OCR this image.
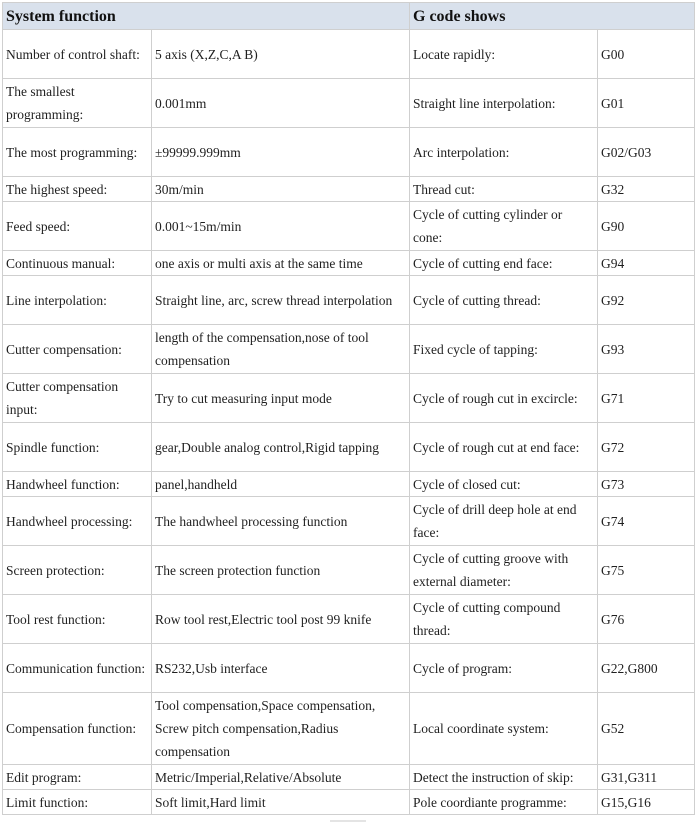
System function		G code shows	
Number of control shaft:	5 axis (X,Z,C,A B)	Locate rapidly:	G00
The smallest programming:	0.001mm	Straight line interpolation:	G01
The most programming:	±99999.999mm	Arc interpolation:	G02/G03
The highest speed:	30m/min	Thread cut:	G32
Feed speed:	0.001~15m/min	Cycle of cutting cylinder or cone:	G90
Continuous manual:	one axis or multi axis at the same time	Cycle of cutting end face:	G94
Line interpolation:	Straight line, arc, screw thread interpolation	Cycle of cutting thread:	G92
Cutter compensation:	length of the compensation,nose of tool compensation	Fixed cycle of tapping:	G93
Cutter compensation input:	Try to cut measuring input mode	Cycle of rough cut in excircle:	G71
Spindle function:	gear,Double analog control,Rigid tapping	Cycle of rough cut at end face:	G72
Handwheel function:	panel,handheld	Cycle of closed cut:	G73
Handwheel processing:	The handwheel processing function	Cycle of drill deep hole at end face:	G74
Screen protection:	The screen protection function	Cycle of cutting groove with external diameter:	G75
Tool rest function:	Row tool rest,Electric tool post 99 knife	Cycle of cutting compound thread:	G76
Communication function:	RS232,Usb interface	Cycle of program:	G22,G800
Compensation function:	Tool compensation,Space compensation, Screw pitch compensation,Radius compensation	Local coordinate system:	G52
Edit program:	Metric/Imperial,Relative/Absolute	Detect the instruction of skip:	G31,G311
Limit function:	Soft limit,Hard limit	Pole coordiante programme:	G15,G16
